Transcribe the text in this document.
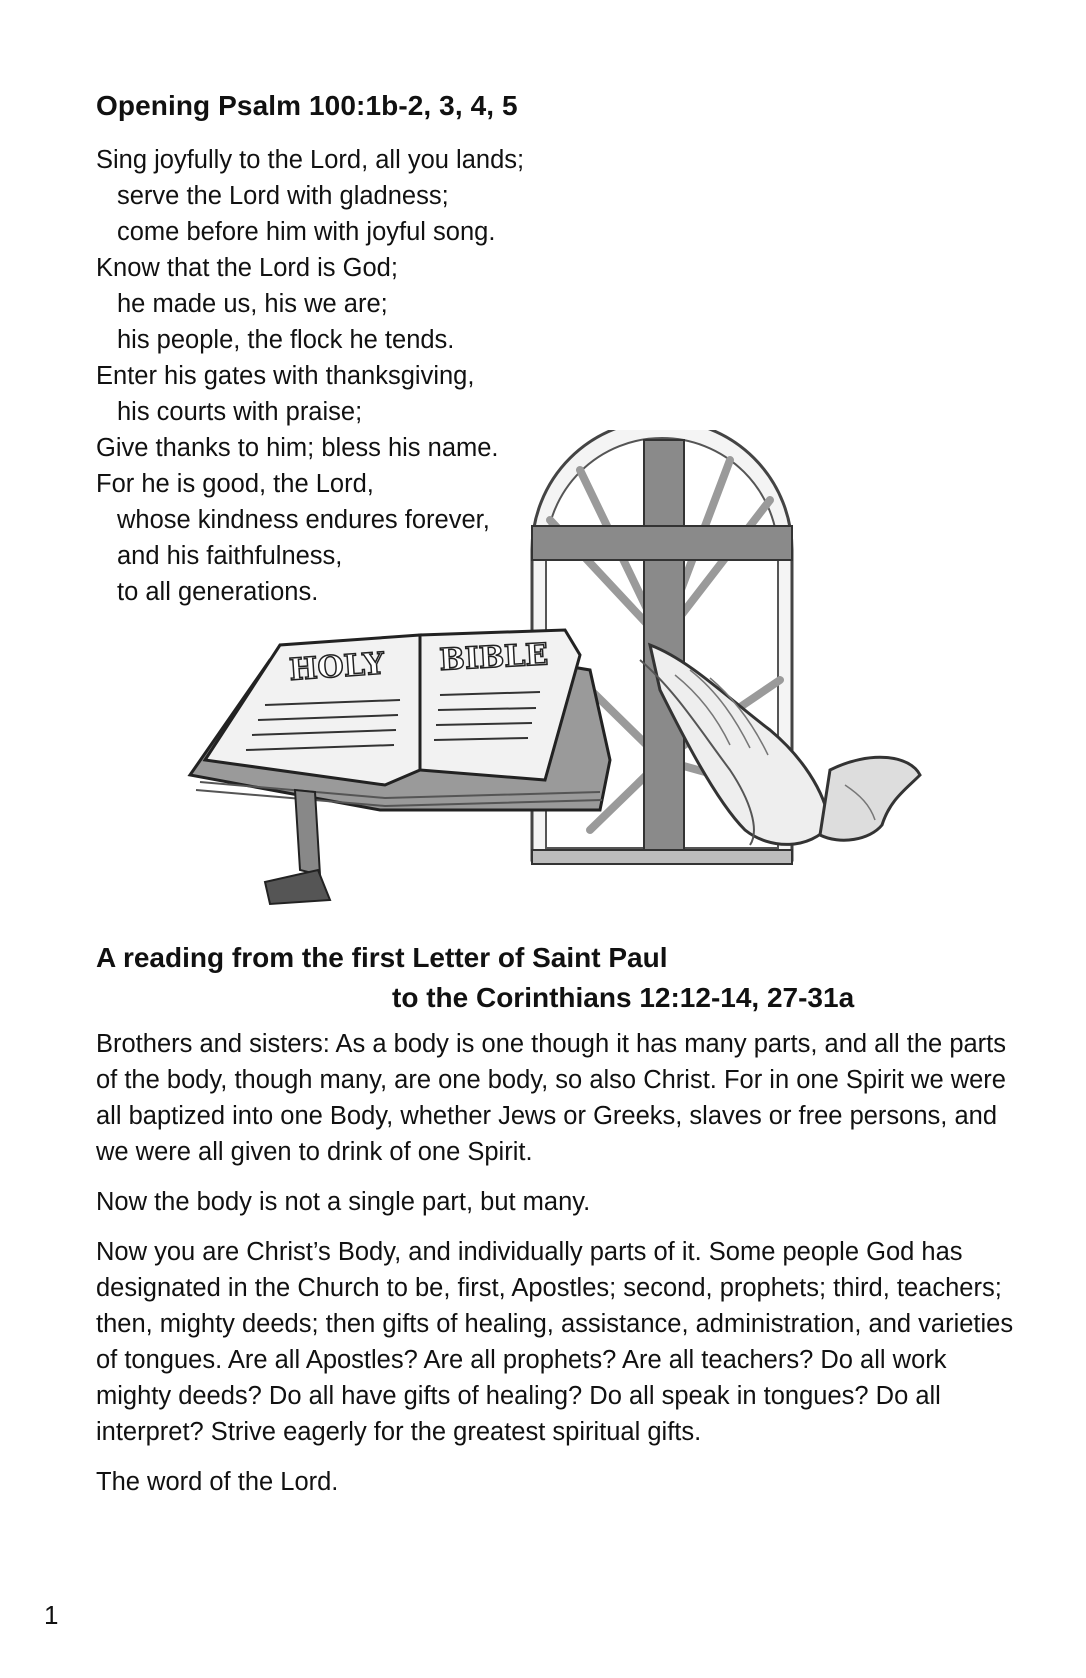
Opening Psalm 100:1b-2, 3, 4, 5
Sing joyfully to the Lord, all you lands;
serve the Lord with gladness;
come before him with joyful song.
Know that the Lord is God;
he made us, his we are;
his people, the flock he tends.
Enter his gates with thanksgiving,
his courts with praise;
Give thanks to him; bless his name.
For he is good, the Lord,
whose kindness endures forever,
and his faithfulness,
to all generations.
HOLY BIBLE
A reading from the first Letter of Saint Paul
to the Corinthians 12:12-14, 27-31a

Brothers and sisters: As a body is one though it has many parts, and all the parts of the body, though many, are one body, so also Christ. For in one Spirit we were all baptized into one Body, whether Jews or Greeks, slaves or free persons, and we were all given to drink of one Spirit.

Now the body is not a single part, but many.

Now you are Christ’s Body, and individually parts of it. Some people God has designated in the Church to be, first, Apostles; second, prophets; third, teachers; then, mighty deeds; then gifts of healing, assistance, administration, and varieties of tongues. Are all Apostles? Are all prophets? Are all teachers? Do all work mighty deeds? Do all have gifts of healing? Do all speak in tongues? Do all interpret? Strive eagerly for the greatest spiritual gifts.

The word of the Lord.

1
